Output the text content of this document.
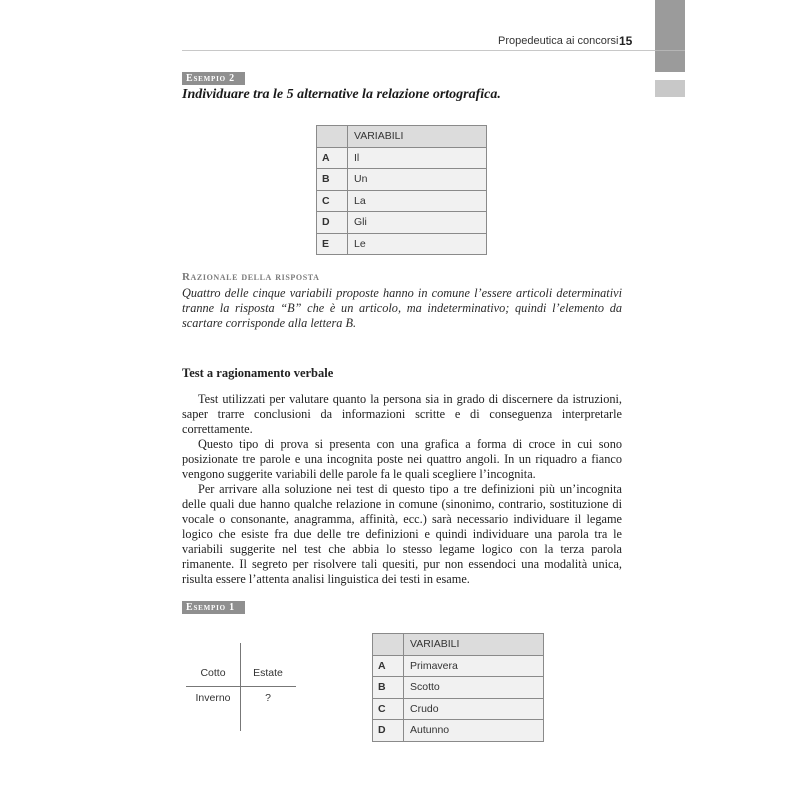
Propedeutica ai concorsi 15
Esempio 2
Individuare tra le 5 alternative la relazione ortografica.
	VARIABILI
A	Il
B	Un
C	La
D	Gli
E	Le
Razionale della risposta
Quattro delle cinque variabili proposte hanno in comune l’essere articoli determinativi tranne la risposta “B” che è un articolo, ma indeterminativo; quindi l’elemento da scartare corrisponde alla lettera B.
Test a ragionamento verbale

Test utilizzati per valutare quanto la persona sia in grado di discernere da istruzioni, saper trarre conclusioni da informazioni scritte e di conseguenza interpretarle correttamente.

Questo tipo di prova si presenta con una grafica a forma di croce in cui sono posizionate tre parole e una incognita poste nei quattro angoli. In un riquadro a fianco vengono suggerite variabili delle parole fa le quali scegliere l’incognita.

Per arrivare alla soluzione nei test di questo tipo a tre definizioni più un’incognita delle quali due hanno qualche relazione in comune (sinonimo, contrario, sostituzione di vocale o consonante, anagramma, affinità, ecc.) sarà necessario individuare il legame logico che esiste fra due delle tre definizioni e quindi individuare una parola tra le variabili suggerite nel test che abbia lo stesso legame logico con la terza parola rimanente. Il segreto per risolvere tali quesiti, pur non essendoci una modalità unica, risulta essere l’attenta analisi linguistica dei testi in esame.

Esempio 1
Cotto	Estate
Inverno	?
	VARIABILI
A	Primavera
B	Scotto
C	Crudo
D	Autunno
